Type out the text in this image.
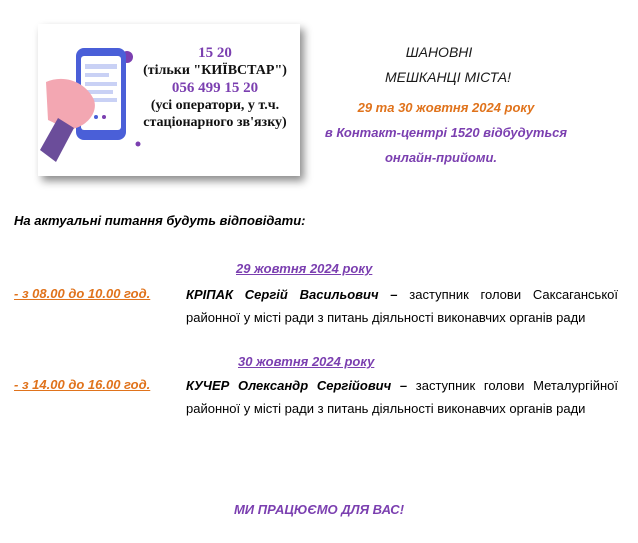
15 20
(тільки "КИЇВСТАР")
056 499 15 20
(усі оператори, у т.ч.
стаціонарного зв'язку)
ШАНОВНІ
МЕШКАНЦІ МІСТА!
29 та 30 жовтня 2024 року
в Контакт-центрі 1520 відбудуться
онлайн-прийоми.
На актуальні питання будуть відповідати:
29 жовтня 2024 року
- з 08.00 до 10.00 год.	КРІПАК Сергій Васильович – заступник голови Саксаганської районної у місті ради з питань діяльності виконавчих органів ради
30 жовтня 2024 року
- з 14.00 до 16.00 год.	КУЧЕР Олександр Сергійович – заступник голови Металургійної районної у місті ради з питань діяльності виконавчих органів ради
МИ ПРАЦЮЄМО ДЛЯ ВАС!
